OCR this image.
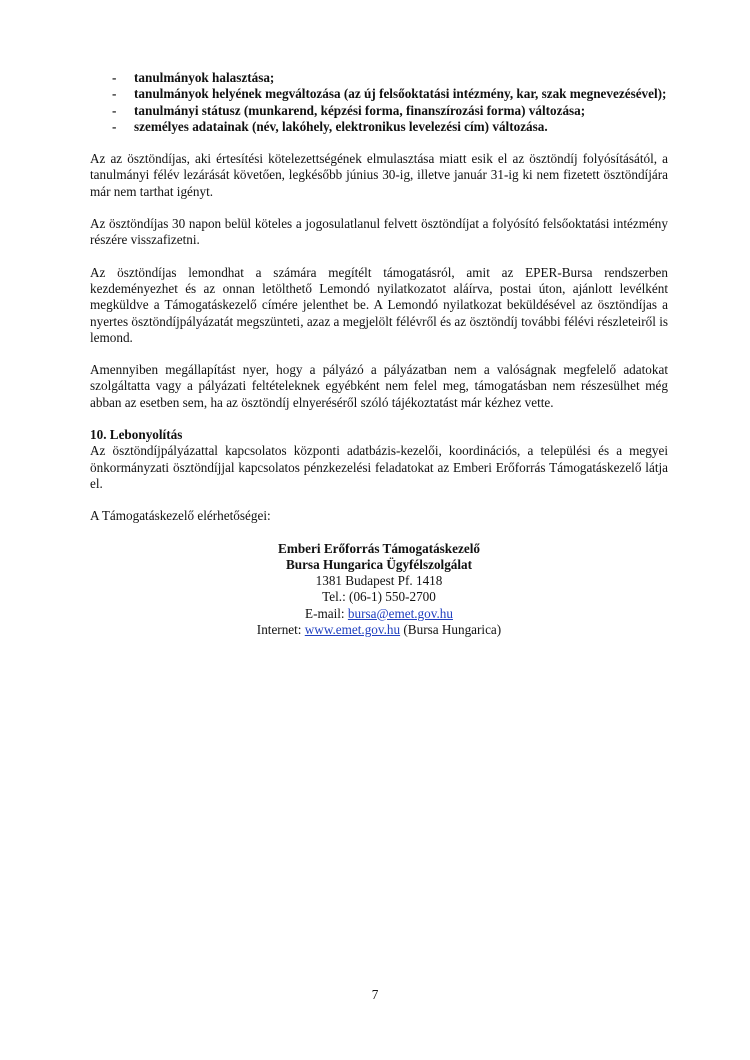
- tanulmányok halasztása;
- tanulmányok helyének megváltozása (az új felsőoktatási intézmény, kar, szak megnevezésével);
- tanulmányi státusz (munkarend, képzési forma, finanszírozási forma) változása;
- személyes adatainak (név, lakóhely, elektronikus levelezési cím) változása.

Az az ösztöndíjas, aki értesítési kötelezettségének elmulasztása miatt esik el az ösztöndíj folyósításától, a tanulmányi félév lezárását követően, legkésőbb június 30-ig, illetve január 31-ig ki nem fizetett ösztöndíjára már nem tarthat igényt.

Az ösztöndíjas 30 napon belül köteles a jogosulatlanul felvett ösztöndíjat a folyósító felsőoktatási intézmény részére visszafizetni.

Az ösztöndíjas lemondhat a számára megítélt támogatásról, amit az EPER-Bursa rendszerben kezdeményezhet és az onnan letölthető Lemondó nyilatkozatot aláírva, postai úton, ajánlott levélként megküldve a Támogatáskezelő címére jelenthet be. A Lemondó nyilatkozat beküldésével az ösztöndíjas a nyertes ösztöndíjpályázatát megszünteti, azaz a megjelölt félévről és az ösztöndíj további félévi részleteiről is lemond.

Amennyiben megállapítást nyer, hogy a pályázó a pályázatban nem a valóságnak megfelelő adatokat szolgáltatta vagy a pályázati feltételeknek egyébként nem felel meg, támogatásban nem részesülhet még abban az esetben sem, ha az ösztöndíj elnyeréséről szóló tájékoztatást már kézhez vette.

10. Lebonyolítás

Az ösztöndíjpályázattal kapcsolatos központi adatbázis-kezelői, koordinációs, a települési és a megyei önkormányzati ösztöndíjjal kapcsolatos pénzkezelési feladatokat az Emberi Erőforrás Támogatáskezelő látja el.

A Támogatáskezelő elérhetőségei:

Emberi Erőforrás Támogatáskezelő
Bursa Hungarica Ügyfélszolgálat
1381 Budapest Pf. 1418
Tel.: (06-1) 550-2700
E-mail: bursa@emet.gov.hu
Internet: www.emet.gov.hu (Bursa Hungarica)
7
